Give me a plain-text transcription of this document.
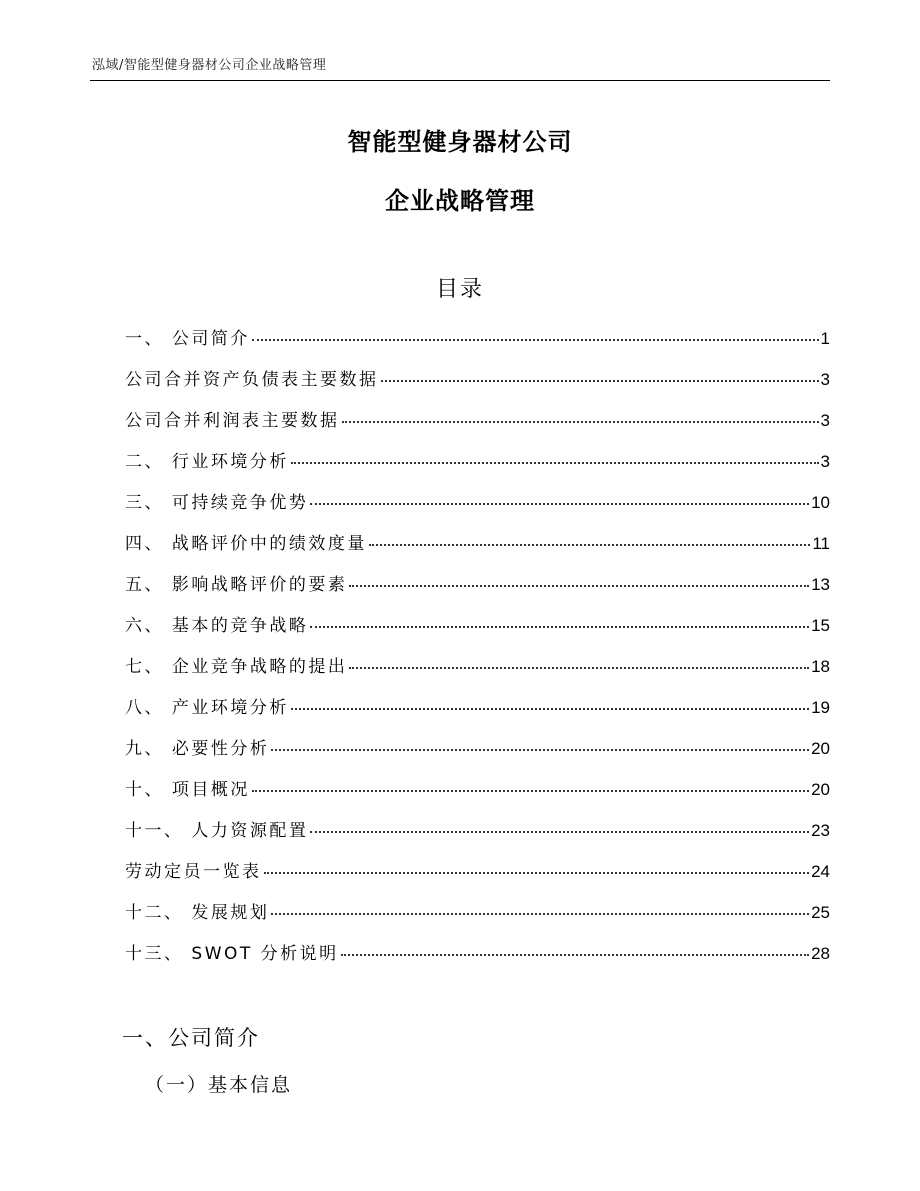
泓域/智能型健身器材公司企业战略管理
智能型健身器材公司
企业战略管理
目录
一、 公司简介	1
公司合并资产负债表主要数据	3
公司合并利润表主要数据	3
二、 行业环境分析	3
三、 可持续竞争优势	10
四、 战略评价中的绩效度量	11
五、 影响战略评价的要素	13
六、 基本的竞争战略	15
七、 企业竞争战略的提出	18
八、 产业环境分析	19
九、 必要性分析	20
十、 项目概况	20
十一、 人力资源配置	23
劳动定员一览表	24
十二、 发展规划	25
十三、 SWOT 分析说明	28
一、公司简介
（一）基本信息
